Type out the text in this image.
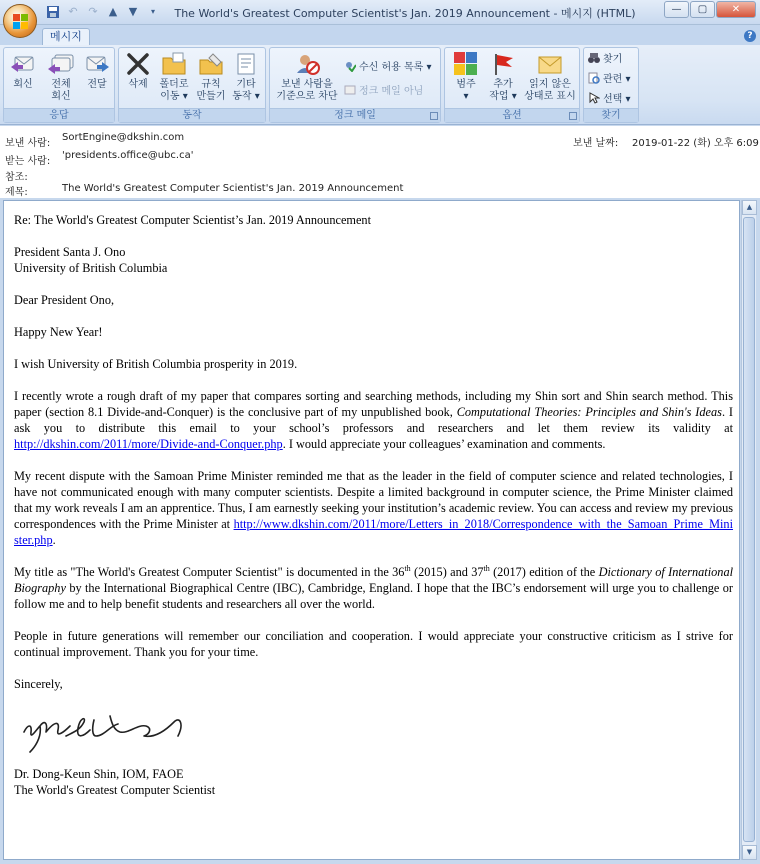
↶ ↷ ▲ ▼	▾	The World's Greatest Computer Scientist's Jan. 2019 Announcement - 메시지 (HTML)	—	▢	✕
메시지	?
회신	전체
회신
전달
응답
삭제	폴더로
이동 ▾
규칙
만들기
기타
동작 ▾
동작
보낸 사람을
기준으로 차단
수신 허용 목록 ▾
정크 메일 아님
정크 메일
범주
▾
추가
작업 ▾
읽지 않은
상태로 표시
옵션
찾기
관련 ▾
선택 ▾
찾기
보낸 사람:
SortEngine@dkshin.com
받는 사람:
'presidents.office@ubc.ca'
참조:
제목:	The World's Greatest Computer Scientist's Jan. 2019 Announcement
보낸 날짜: 2019-01-22 (화) 오후 6:09

Re: The World's Greatest Computer Scientist’s Jan. 2019 Announcement

President Santa J. Ono
University of British Columbia

Dear President Ono,

Happy New Year!

I wish University of British Columbia prosperity in 2019.

I recently wrote a rough draft of my paper that compares sorting and searching methods, including my Shin sort and Shin search method. This paper (section 8.1 Divide-and-Conquer) is the conclusive part of my unpublished book, Computational Theories: Principles and Shin's Ideas. I ask you to distribute this email to your school’s professors and researchers and let them review its validity at http://dkshin.com/2011/more/Divide-and-Conquer.php. I would appreciate your colleagues’ examination and comments.

My recent dispute with the Samoan Prime Minister reminded me that as the leader in the field of computer science and related technologies, I have not communicated enough with many computer scientists. Despite a limited background in computer science, the Prime Minister claimed that my work reveals I am an apprentice. Thus, I am earnestly seeking your institution’s academic review. You can access and review my previous correspondences with the Prime Minister at http://www.dkshin.com/2011/more/Letters_in_2018/Correspondence_with_the_Samoan_Prime_Minister.php.

My title as "The World's Greatest Computer Scientist" is documented in the 36th (2015) and 37th (2017) edition of the Dictionary of International Biography by the International Biographical Centre (IBC), Cambridge, England. I hope that the IBC’s endorsement will urge you to challenge or follow me and to help benefit students and researchers all over the world.

People in future generations will remember our conciliation and cooperation. I would appreciate your constructive criticism as I strive for continual improvement. Thank you for your time.

Sincerely,

Dr. Dong-Keun Shin, IOM, FAOE
The World's Greatest Computer Scientist
▲
▼
